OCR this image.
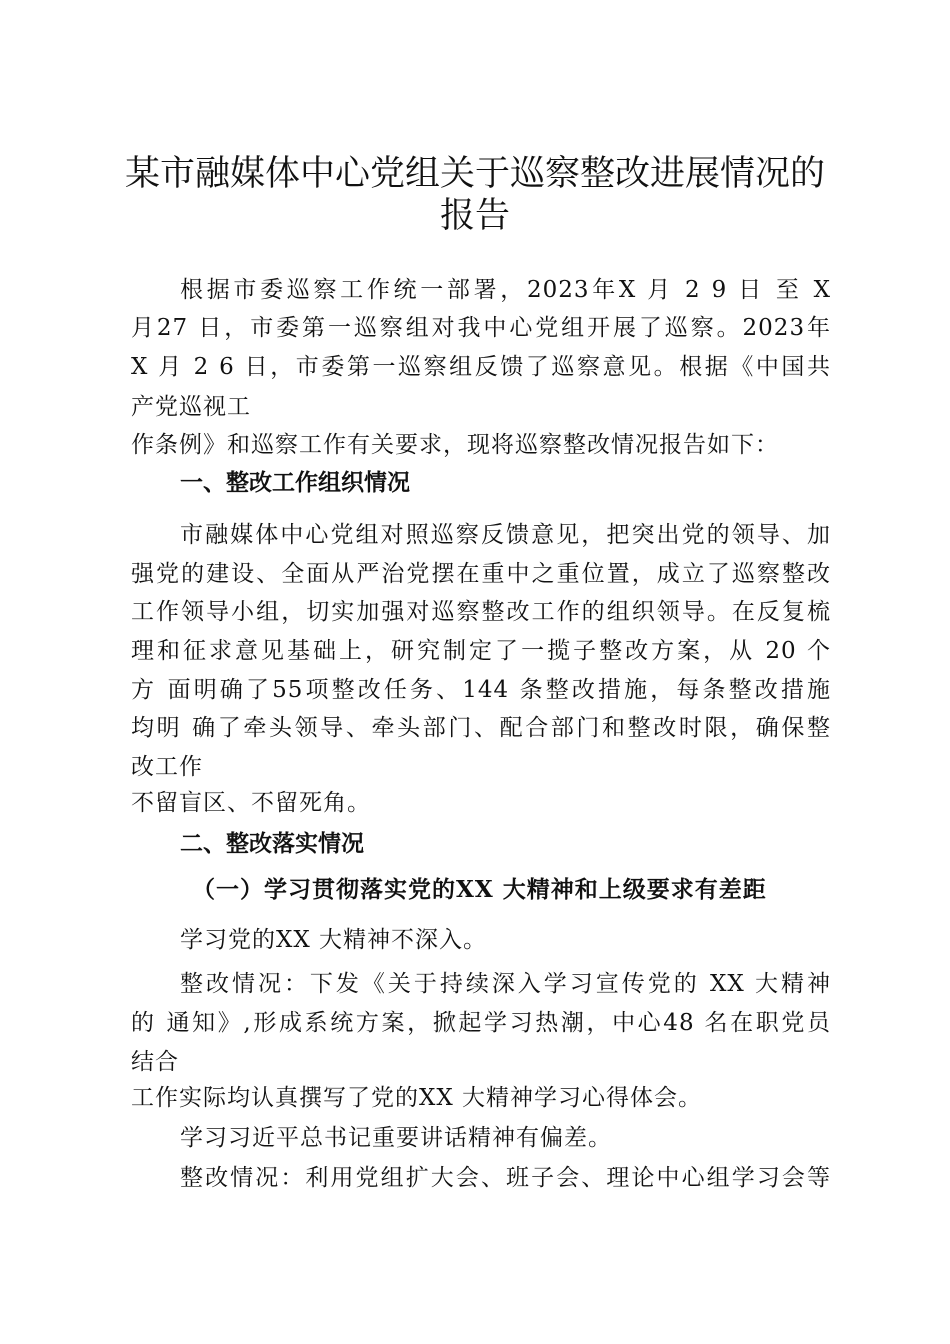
某市融媒体中心党组关于巡察整改进展情况的
报告
根据市委巡察工作统一部署，2023年X 月 2 9 日 至 X
月27 日，市委第一巡察组对我中心党组开展了巡察。2023年
X 月 2 6 日，市委第一巡察组反馈了巡察意见。根据《中国共
产党巡视工
作条例》和巡察工作有关要求，现将巡察整改情况报告如下：
一、整改工作组织情况
市融媒体中心党组对照巡察反馈意见，把突出党的领导、加
强党的建设、全面从严治党摆在重中之重位置，成立了巡察整改
工作领导小组，切实加强对巡察整改工作的组织领导。在反复梳
理和征求意见基础上，研究制定了一揽子整改方案，从 20 个
方 面明确了55项整改任务、144 条整改措施，每条整改措施
均明 确了牵头领导、牵头部门、配合部门和整改时限，确保整
改工作
不留盲区、不留死角。
二、整改落实情况
（一）学习贯彻落实党的XX 大精神和上级要求有差距
学习党的XX 大精神不深入。
整改情况：下发《关于持续深入学习宣传党的 XX 大精神
的 通知》,形成系统方案，掀起学习热潮，中心48 名在职党员
结合
工作实际均认真撰写了党的XX 大精神学习心得体会。
学习习近平总书记重要讲话精神有偏差。
整改情况：利用党组扩大会、班子会、理论中心组学习会等
